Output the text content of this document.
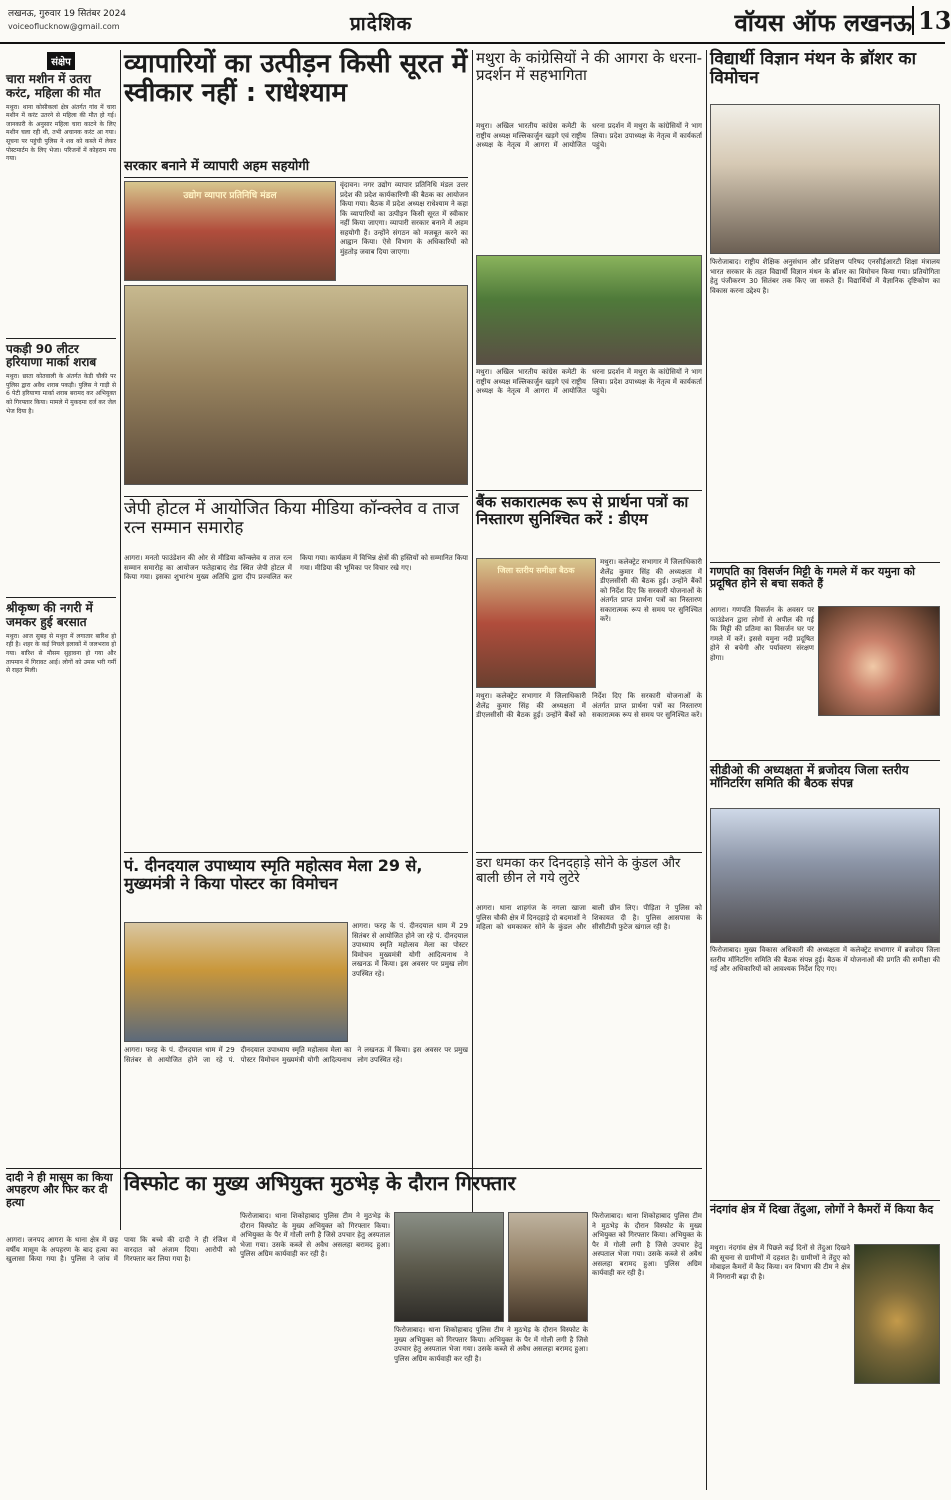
लखनऊ, गुरुवार 19 सितंबर 2024
voiceoflucknow@gmail.com	प्रादेशिक	वॉयस ऑफ लखनऊ 13
संक्षेप
चारा मशीन में उतरा करंट, महिला की मौत
मथुरा। थाना कोसीकलां क्षेत्र अंतर्गत गांव में चारा मशीन में करंट उतरने से महिला की मौत हो गई। जानकारी के अनुसार महिला चारा काटने के लिए मशीन चला रही थी, तभी अचानक करंट आ गया। सूचना पर पहुंची पुलिस ने शव को कब्जे में लेकर पोस्टमार्टम के लिए भेजा। परिजनों में कोहराम मच गया।
पकड़ी 90 लीटर हरियाणा मार्का शराब
मथुरा। छाता कोतवाली के अंतर्गत केडी चौकी पर पुलिस द्वारा अवैध शराब पकड़ी। पुलिस ने गाड़ी से 6 पेटी हरियाणा मार्का शराब बरामद कर अभियुक्त को गिरफ्तार किया। मामले में मुकदमा दर्ज कर जेल भेज दिया है।
श्रीकृष्ण की नगरी में जमकर हुई बरसात
मथुरा। आज सुबह से मथुरा में लगातार बारिश हो रही है। शहर के कई निचले इलाकों में जलभराव हो गया। बारिश से मौसम सुहावना हो गया और तापमान में गिरावट आई। लोगों को उमस भरी गर्मी से राहत मिली।
व्यापारियों का उत्पीड़न किसी सूरत में स्वीकार नहीं : राधेश्याम
सरकार बनाने में व्यापारी अहम सहयोगी
उद्योग व्यापार प्रतिनिधि मंडल
वृंदावन। नगर उद्योग व्यापार प्रतिनिधि मंडल उत्तर प्रदेश की प्रदेश कार्यकारिणी की बैठक का आयोजन किया गया। बैठक में प्रदेश अध्यक्ष राधेश्याम ने कहा कि व्यापारियों का उत्पीड़न किसी सूरत में स्वीकार नहीं किया जाएगा। व्यापारी सरकार बनाने में अहम सहयोगी हैं। उन्होंने संगठन को मजबूत करने का आह्वान किया। ऐसे विभाग के अधिकारियों को मुंहतोड़ जवाब दिया जाएगा।
जेपी होटल में आयोजित किया मीडिया कॉन्क्लेव व ताज रत्न सम्मान समारोह
आगरा। मनतो फाउंडेशन की ओर से मीडिया कॉन्क्लेव व ताज रत्न सम्मान समारोह का आयोजन फतेहाबाद रोड स्थित जेपी होटल में किया गया। इसका शुभारंभ मुख्य अतिथि द्वारा दीप प्रज्वलित कर किया गया। कार्यक्रम में विभिन्न क्षेत्रों की हस्तियों को सम्मानित किया गया। मीडिया की भूमिका पर विचार रखे गए।
पं. दीनदयाल उपाध्याय स्मृति महोत्सव मेला 29 से, मुख्यमंत्री ने किया पोस्टर का विमोचन
आगरा। फरह के पं. दीनदयाल धाम में 29 सितंबर से आयोजित होने जा रहे पं. दीनदयाल उपाध्याय स्मृति महोत्सव मेला का पोस्टर विमोचन मुख्यमंत्री योगी आदित्यनाथ ने लखनऊ में किया। इस अवसर पर प्रमुख लोग उपस्थित रहे।
आगरा। फरह के पं. दीनदयाल धाम में 29 सितंबर से आयोजित होने जा रहे पं. दीनदयाल उपाध्याय स्मृति महोत्सव मेला का पोस्टर विमोचन मुख्यमंत्री योगी आदित्यनाथ ने लखनऊ में किया। इस अवसर पर प्रमुख लोग उपस्थित रहे।
मथुरा के कांग्रेसियों ने की आगरा के धरना-प्रदर्शन में सहभागिता
मथुरा। अखिल भारतीय कांग्रेस कमेटी के राष्ट्रीय अध्यक्ष मल्लिकार्जुन खड़गे एवं राष्ट्रीय अध्यक्ष के नेतृत्व में आगरा में आयोजित धरना प्रदर्शन में मथुरा के कांग्रेसियों ने भाग लिया। प्रदेश उपाध्यक्ष के नेतृत्व में कार्यकर्ता पहुंचे।
मथुरा। अखिल भारतीय कांग्रेस कमेटी के राष्ट्रीय अध्यक्ष मल्लिकार्जुन खड़गे एवं राष्ट्रीय अध्यक्ष के नेतृत्व में आगरा में आयोजित धरना प्रदर्शन में मथुरा के कांग्रेसियों ने भाग लिया। प्रदेश उपाध्यक्ष के नेतृत्व में कार्यकर्ता पहुंचे।
बैंक सकारात्मक रूप से प्रार्थना पत्रों का निस्तारण सुनिश्चित करें : डीएम
जिला स्तरीय समीक्षा बैठक
मथुरा। कलेक्ट्रेट सभागार में जिलाधिकारी शैलेंद्र कुमार सिंह की अध्यक्षता में डीएलसीसी की बैठक हुई। उन्होंने बैंकों को निर्देश दिए कि सरकारी योजनाओं के अंतर्गत प्राप्त प्रार्थना पत्रों का निस्तारण सकारात्मक रूप से समय पर सुनिश्चित करें।
मथुरा। कलेक्ट्रेट सभागार में जिलाधिकारी शैलेंद्र कुमार सिंह की अध्यक्षता में डीएलसीसी की बैठक हुई। उन्होंने बैंकों को निर्देश दिए कि सरकारी योजनाओं के अंतर्गत प्राप्त प्रार्थना पत्रों का निस्तारण सकारात्मक रूप से समय पर सुनिश्चित करें।
डरा धमका कर दिनदहाड़े सोने के कुंडल और बाली छीन ले गये लुटेरे
आगरा। थाना शाहगंज के नगला खाजा पुलिस चौकी क्षेत्र में दिनदहाड़े दो बदमाशों ने महिला को धमकाकर सोने के कुंडल और बाली छीन लिए। पीड़िता ने पुलिस को शिकायत दी है। पुलिस आसपास के सीसीटीवी फुटेज खंगाल रही है।
विस्फोट का मुख्य अभियुक्त मुठभेड़ के दौरान गिरफ्तार
दादी ने ही मासूम का किया अपहरण और फिर कर दी हत्या
आगरा। जनपद आगरा के थाना क्षेत्र में छह वर्षीय मासूम के अपहरण के बाद हत्या का खुलासा किया गया है। पुलिस ने जांच में पाया कि बच्चे की दादी ने ही रंजिश में वारदात को अंजाम दिया। आरोपी को गिरफ्तार कर लिया गया है।
फिरोजाबाद। थाना शिकोहाबाद पुलिस टीम ने मुठभेड़ के दौरान विस्फोट के मुख्य अभियुक्त को गिरफ्तार किया। अभियुक्त के पैर में गोली लगी है जिसे उपचार हेतु अस्पताल भेजा गया। उसके कब्जे से अवैध असलहा बरामद हुआ। पुलिस अग्रिम कार्यवाही कर रही है।
फिरोजाबाद। थाना शिकोहाबाद पुलिस टीम ने मुठभेड़ के दौरान विस्फोट के मुख्य अभियुक्त को गिरफ्तार किया। अभियुक्त के पैर में गोली लगी है जिसे उपचार हेतु अस्पताल भेजा गया। उसके कब्जे से अवैध असलहा बरामद हुआ। पुलिस अग्रिम कार्यवाही कर रही है।
फिरोजाबाद। थाना शिकोहाबाद पुलिस टीम ने मुठभेड़ के दौरान विस्फोट के मुख्य अभियुक्त को गिरफ्तार किया। अभियुक्त के पैर में गोली लगी है जिसे उपचार हेतु अस्पताल भेजा गया। उसके कब्जे से अवैध असलहा बरामद हुआ। पुलिस अग्रिम कार्यवाही कर रही है।
विद्यार्थी विज्ञान मंथन के ब्रॉशर का विमोचन
फिरोजाबाद। राष्ट्रीय शैक्षिक अनुसंधान और प्रशिक्षण परिषद एनसीईआरटी शिक्षा मंत्रालय भारत सरकार के तहत विद्यार्थी विज्ञान मंथन के ब्रॉशर का विमोचन किया गया। प्रतियोगिता हेतु पंजीकरण 30 सितंबर तक किए जा सकते हैं। विद्यार्थियों में वैज्ञानिक दृष्टिकोण का विकास करना उद्देश्य है।
गणपति का विसर्जन मिट्टी के गमले में कर यमुना को प्रदूषित होने से बचा सकते हैं
आगरा। गणपति विसर्जन के अवसर पर फाउंडेशन द्वारा लोगों से अपील की गई कि मिट्टी की प्रतिमा का विसर्जन घर पर गमले में करें। इससे यमुना नदी प्रदूषित होने से बचेगी और पर्यावरण संरक्षण होगा।
सीडीओ की अध्यक्षता में ब्रजोदय जिला स्तरीय मॉनिटरिंग समिति की बैठक संपन्न
फिरोजाबाद। मुख्य विकास अधिकारी की अध्यक्षता में कलेक्ट्रेट सभागार में ब्रजोदय जिला स्तरीय मॉनिटरिंग समिति की बैठक संपन्न हुई। बैठक में योजनाओं की प्रगति की समीक्षा की गई और अधिकारियों को आवश्यक निर्देश दिए गए।
नंदगांव क्षेत्र में दिखा तेंदुआ, लोगों ने कैमरों में किया कैद
मथुरा। नंदगांव क्षेत्र में पिछले कई दिनों से तेंदुआ दिखने की सूचना से ग्रामीणों में दहशत है। ग्रामीणों ने तेंदुए को मोबाइल कैमरों में कैद किया। वन विभाग की टीम ने क्षेत्र में निगरानी बढ़ा दी है।
